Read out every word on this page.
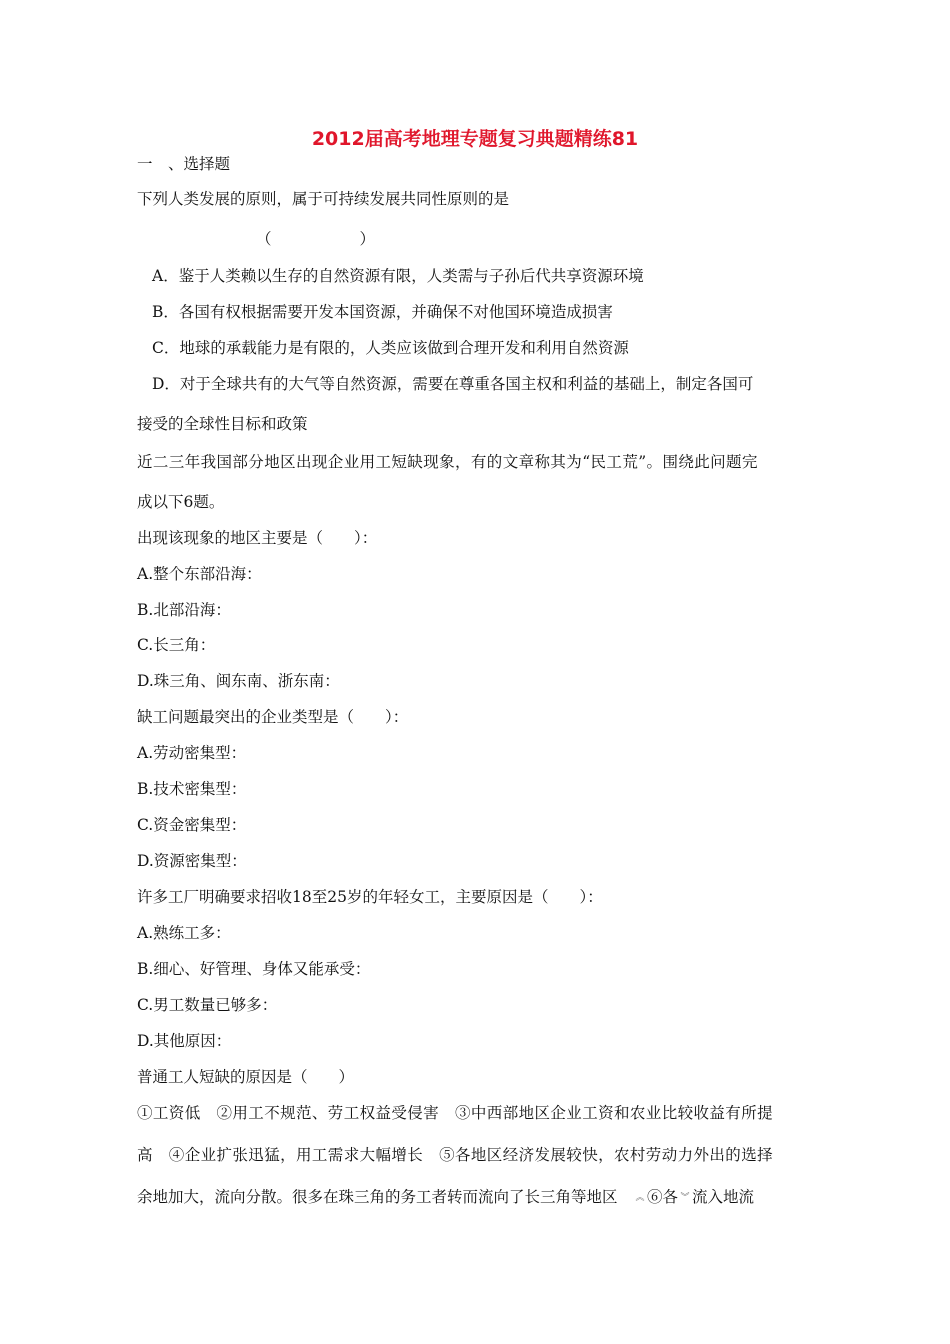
2012届高考地理专题复习典题精练81
一　、选择题
下列人类发展的原则，属于可持续发展共同性原则的是
（	）
A．鉴于人类赖以生存的自然资源有限，人类需与子孙后代共享资源环境
B．各国有权根据需要开发本国资源，并确保不对他国环境造成损害
C．地球的承载能力是有限的，人类应该做到合理开发和利用自然资源
D．对于全球共有的大气等自然资源，需要在尊重各国主权和利益的基础上，制定各国可
接受的全球性目标和政策
近二三年我国部分地区出现企业用工短缺现象，有的文章称其为“民工荒”。围绕此问题完
成以下6题。
出现该现象的地区主要是（　　）：
A.整个东部沿海：
B.北部沿海：
C.长三角：
D.珠三角、闽东南、浙东南：
缺工问题最突出的企业类型是（　　）：
A.劳动密集型：
B.技术密集型：
C.资金密集型：
D.资源密集型：
许多工厂明确要求招收18至25岁的年轻女工，主要原因是（　　）：
A.熟练工多：
B.细心、好管理、身体又能承受：
C.男工数量已够多：
D.其他原因：
普通工人短缺的原因是（　　）
①工资低　②用工不规范、劳工权益受侵害　③中西部地区企业工资和农业比较收益有所提
高　④企业扩张迅猛，用工需求大幅增长　⑤各地区经济发展较快，农村劳动力外出的选择
余地加大，流向分散。很多在珠三角的务工者转而流向了长三角等地区　︽ ⑥各 ︾ 流入地流
